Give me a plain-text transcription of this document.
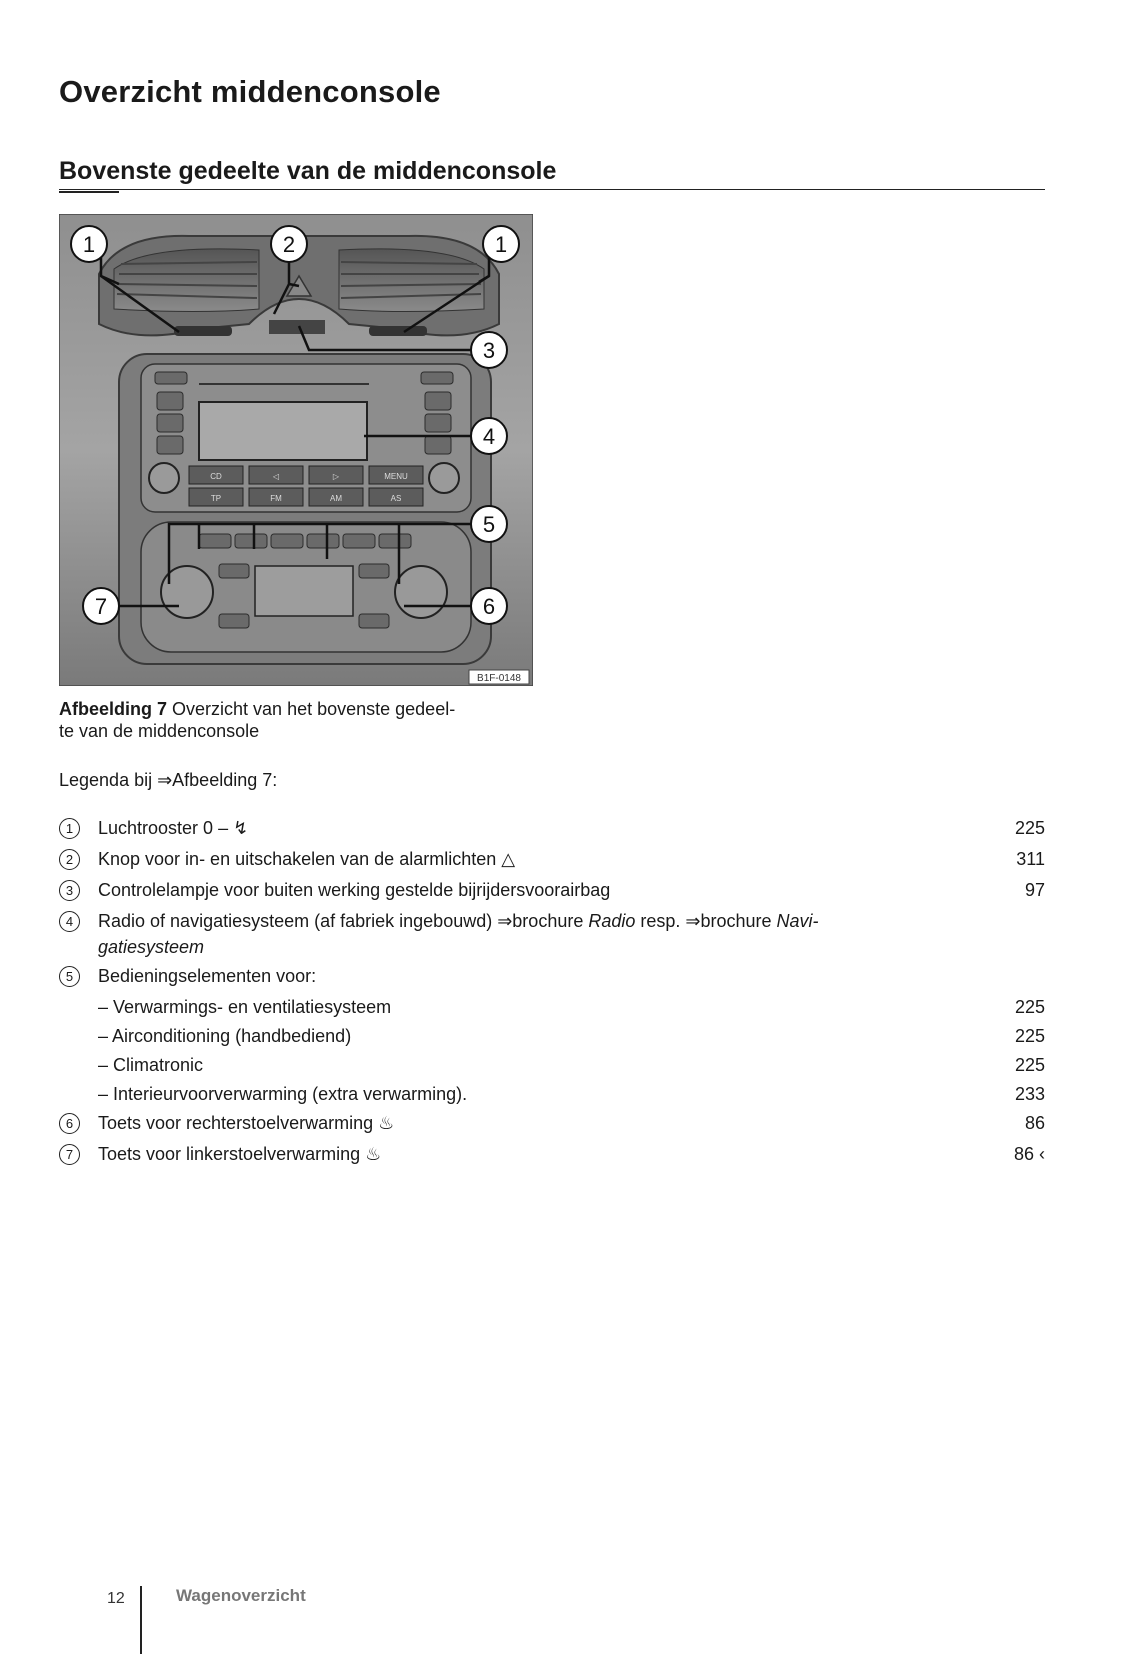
Overzicht middenconsole
Bovenste gedeelte van de middenconsole
CD	◁	▷	MENU
TP	FM	AM	AS
1	2	1
3
4
5
6
7
B1F-0148
Afbeelding 7 Overzicht van het bovenste gedeel-
te van de middenconsole
Legenda bij ⇒Afbeelding 7:
1	Luchtrooster 0 – ↯	225
2	Knop voor in- en uitschakelen van de alarmlichten △	311
3	Controlelampje voor buiten werking gestelde bijrijdersvoorairbag	97
4	Radio of navigatiesysteem (af fabriek ingebouwd) ⇒brochure Radio resp. ⇒brochure Navi-gatiesysteem
5	Bedieningselementen voor:
– Verwarmings- en ventilatiesysteem	225
– Airconditioning (handbediend)	225
– Climatronic	225
– Interieurvoorverwarming (extra verwarming).	233
6	Toets voor rechterstoelverwarming ♨	86
7	Toets voor linkerstoelverwarming ♨	86 ‹
12	Wagenoverzicht
